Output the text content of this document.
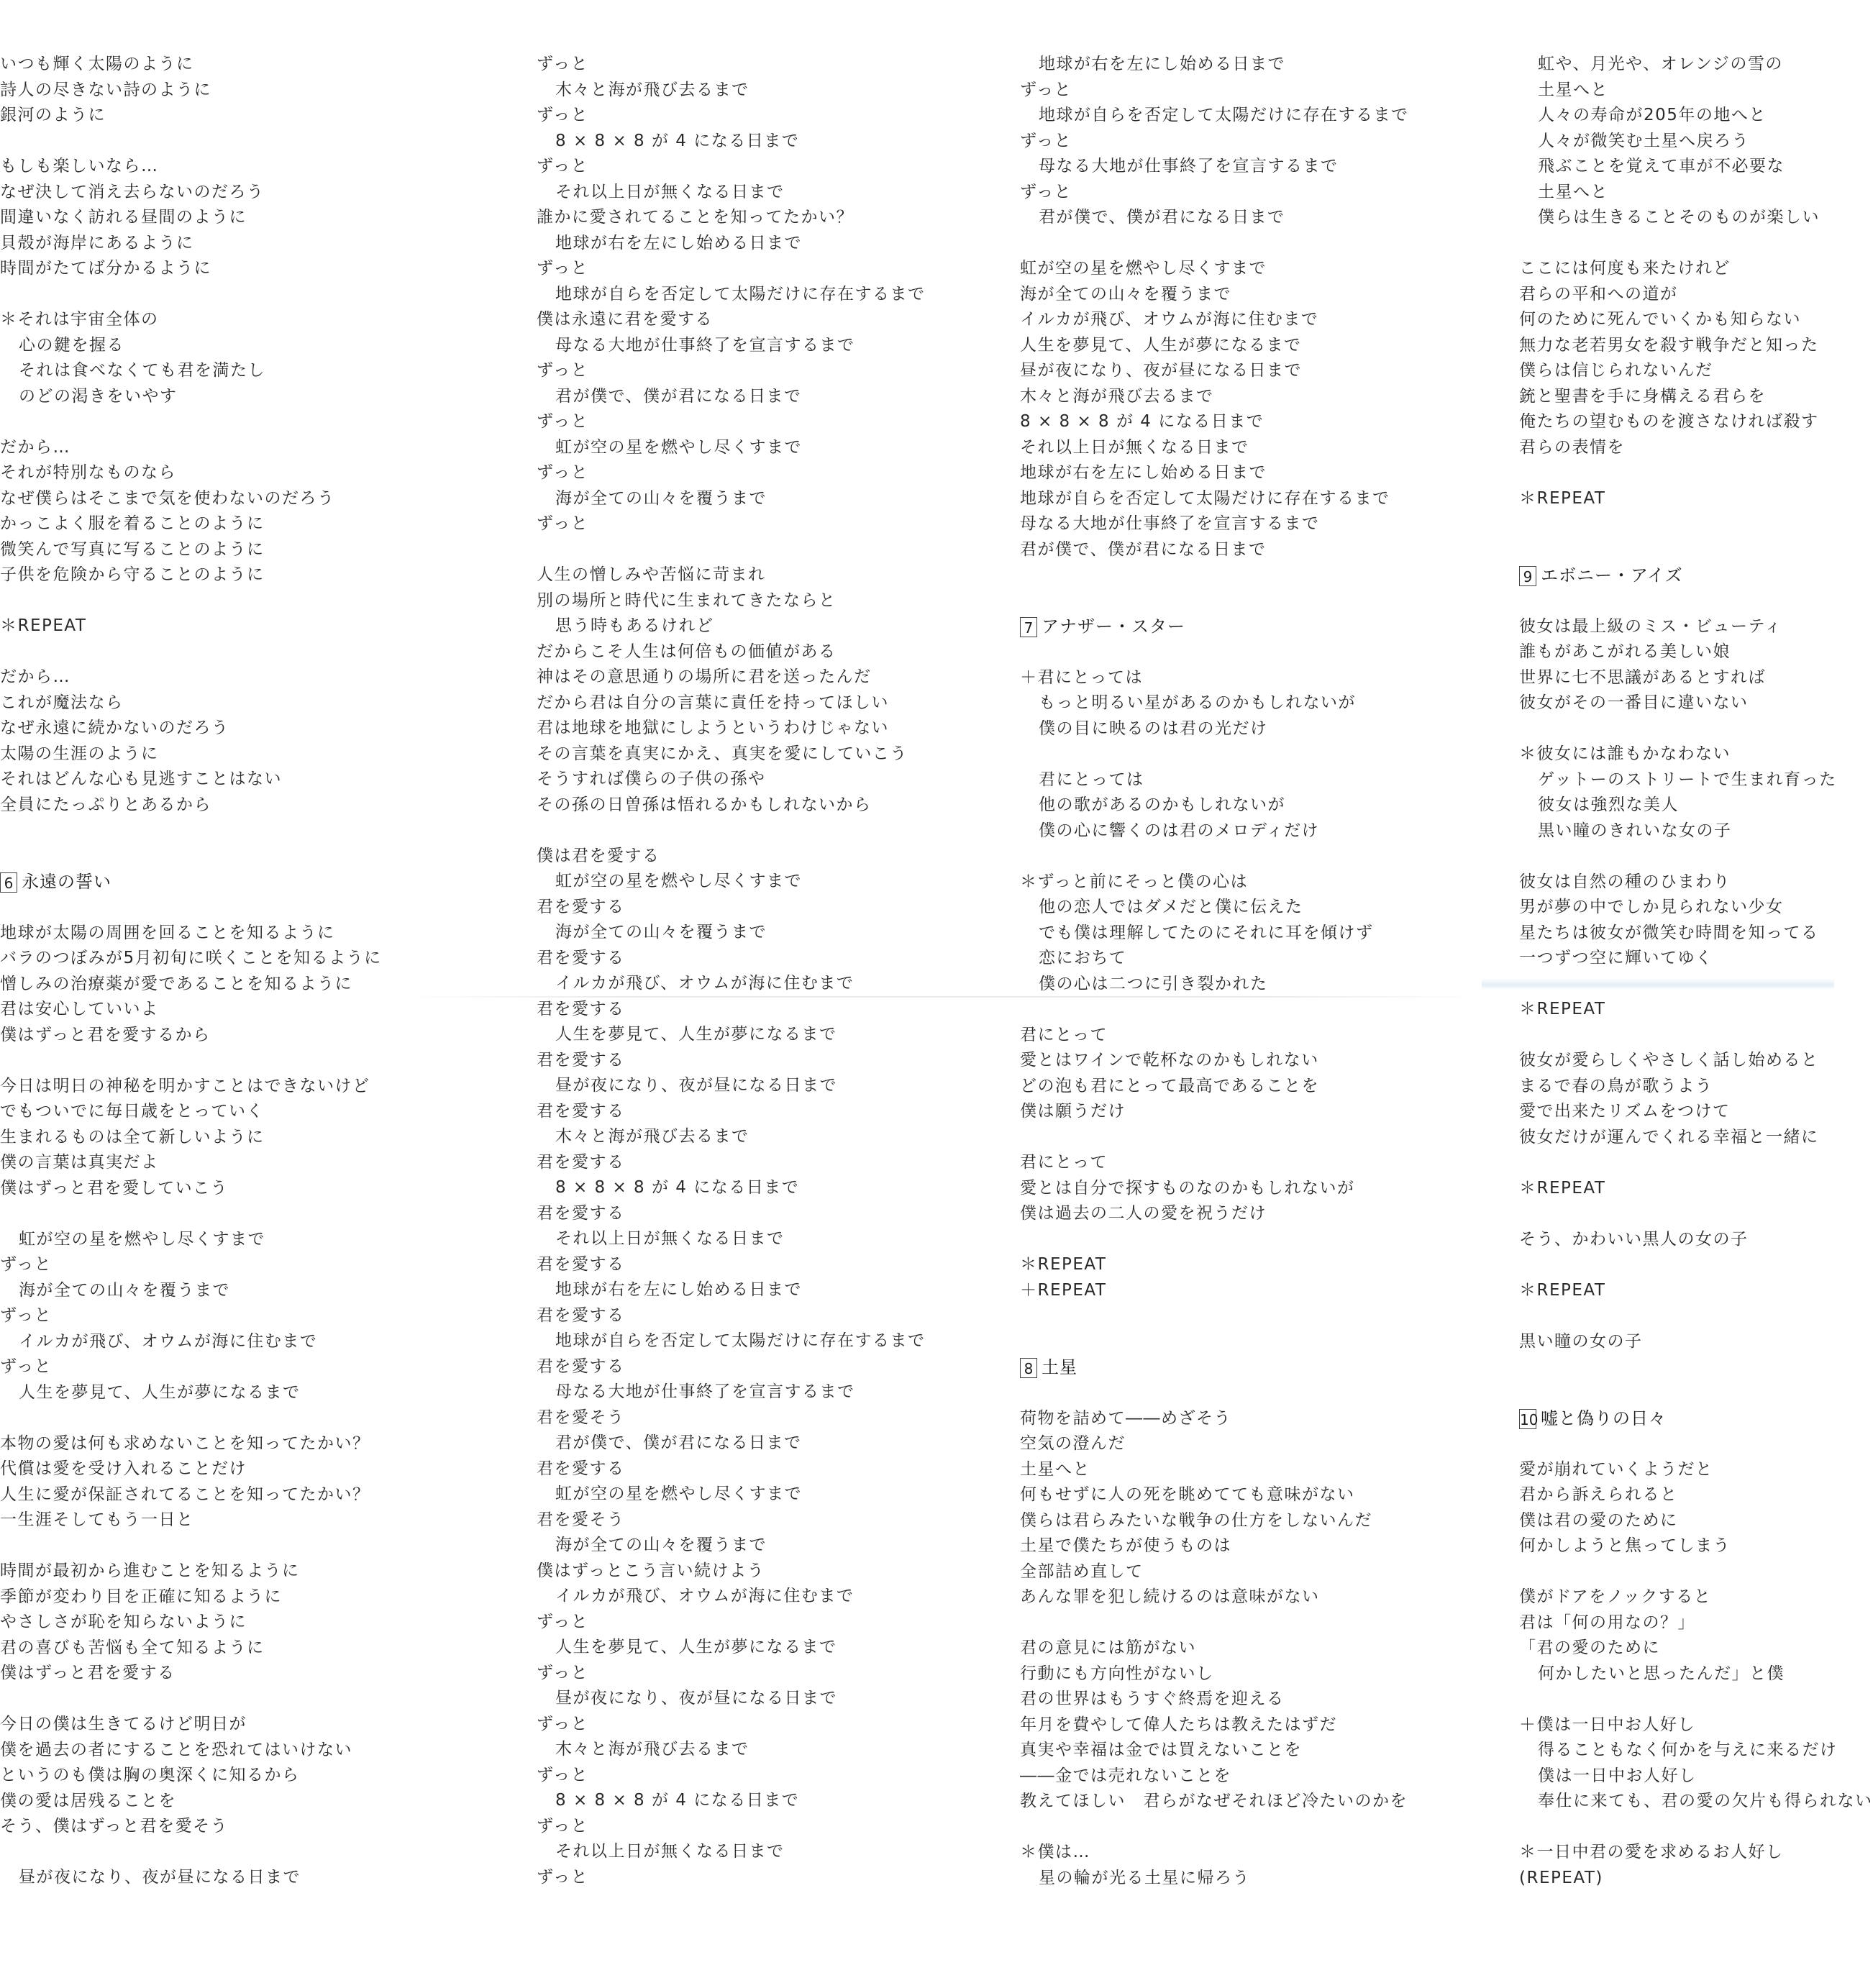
いつも輝く太陽のように
詩人の尽きない詩のように
銀河のように
もしも楽しいなら…
なぜ決して消え去らないのだろう
間違いなく訪れる昼間のように
貝殻が海岸にあるように
時間がたてば分かるように
＊それは宇宙全体の
心の鍵を握る
それは食べなくても君を満たし
のどの渇きをいやす
だから…
それが特別なものなら
なぜ僕らはそこまで気を使わないのだろう
かっこよく服を着ることのように
微笑んで写真に写ることのように
子供を危険から守ることのように
＊REPEAT
だから…
これが魔法なら
なぜ永遠に続かないのだろう
太陽の生涯のように
それはどんな心も見逃すことはない
全員にたっぷりとあるから
6 永遠の誓い
地球が太陽の周囲を回ることを知るように
バラのつぼみが5月初旬に咲くことを知るように
憎しみの治療薬が愛であることを知るように
君は安心していいよ
僕はずっと君を愛するから
今日は明日の神秘を明かすことはできないけど
でもついでに毎日歳をとっていく
生まれるものは全て新しいように
僕の言葉は真実だよ
僕はずっと君を愛していこう
虹が空の星を燃やし尽くすまで
ずっと
海が全ての山々を覆うまで
ずっと
イルカが飛び、オウムが海に住むまで
ずっと
人生を夢見て、人生が夢になるまで
本物の愛は何も求めないことを知ってたかい？
代償は愛を受け入れることだけ
人生に愛が保証されてることを知ってたかい？
一生涯そしてもう一日と
時間が最初から進むことを知るように
季節が変わり目を正確に知るように
やさしさが恥を知らないように
君の喜びも苦悩も全て知るように
僕はずっと君を愛する
今日の僕は生きてるけど明日が
僕を過去の者にすることを恐れてはいけない
というのも僕は胸の奥深くに知るから
僕の愛は居残ることを
そう、僕はずっと君を愛そう
昼が夜になり、夜が昼になる日まで
ずっと
木々と海が飛び去るまで
ずっと
8 × 8 × 8 が 4 になる日まで
ずっと
それ以上日が無くなる日まで
誰かに愛されてることを知ってたかい？
地球が右を左にし始める日まで
ずっと
地球が自らを否定して太陽だけに存在するまで
僕は永遠に君を愛する
母なる大地が仕事終了を宣言するまで
ずっと
君が僕で、僕が君になる日まで
ずっと
虹が空の星を燃やし尽くすまで
ずっと
海が全ての山々を覆うまで
ずっと
人生の憎しみや苦悩に苛まれ
別の場所と時代に生まれてきたならと
思う時もあるけれど
だからこそ人生は何倍もの価値がある
神はその意思通りの場所に君を送ったんだ
だから君は自分の言葉に責任を持ってほしい
君は地球を地獄にしようというわけじゃない
その言葉を真実にかえ、真実を愛にしていこう
そうすれば僕らの子供の孫や
その孫の日曽孫は悟れるかもしれないから
僕は君を愛する
虹が空の星を燃やし尽くすまで
君を愛する
海が全ての山々を覆うまで
君を愛する
イルカが飛び、オウムが海に住むまで
君を愛する
人生を夢見て、人生が夢になるまで
君を愛する
昼が夜になり、夜が昼になる日まで
君を愛する
木々と海が飛び去るまで
君を愛する
8 × 8 × 8 が 4 になる日まで
君を愛する
それ以上日が無くなる日まで
君を愛する
地球が右を左にし始める日まで
君を愛する
地球が自らを否定して太陽だけに存在するまで
君を愛する
母なる大地が仕事終了を宣言するまで
君を愛そう
君が僕で、僕が君になる日まで
君を愛する
虹が空の星を燃やし尽くすまで
君を愛そう
海が全ての山々を覆うまで
僕はずっとこう言い続けよう
イルカが飛び、オウムが海に住むまで
ずっと
人生を夢見て、人生が夢になるまで
ずっと
昼が夜になり、夜が昼になる日まで
ずっと
木々と海が飛び去るまで
ずっと
8 × 8 × 8 が 4 になる日まで
ずっと
それ以上日が無くなる日まで
ずっと
地球が右を左にし始める日まで
ずっと
地球が自らを否定して太陽だけに存在するまで
ずっと
母なる大地が仕事終了を宣言するまで
ずっと
君が僕で、僕が君になる日まで
虹が空の星を燃やし尽くすまで
海が全ての山々を覆うまで
イルカが飛び、オウムが海に住むまで
人生を夢見て、人生が夢になるまで
昼が夜になり、夜が昼になる日まで
木々と海が飛び去るまで
8 × 8 × 8 が 4 になる日まで
それ以上日が無くなる日まで
地球が右を左にし始める日まで
地球が自らを否定して太陽だけに存在するまで
母なる大地が仕事終了を宣言するまで
君が僕で、僕が君になる日まで
7 アナザー・スター
＋君にとっては
もっと明るい星があるのかもしれないが
僕の目に映るのは君の光だけ
君にとっては
他の歌があるのかもしれないが
僕の心に響くのは君のメロディだけ
＊ずっと前にそっと僕の心は
他の恋人ではダメだと僕に伝えた
でも僕は理解してたのにそれに耳を傾けず
恋におちて
僕の心は二つに引き裂かれた
君にとって
愛とはワインで乾杯なのかもしれない
どの泡も君にとって最高であることを
僕は願うだけ
君にとって
愛とは自分で探すものなのかもしれないが
僕は過去の二人の愛を祝うだけ
＊REPEAT
＋REPEAT
8 土星
荷物を詰めて――めざそう
空気の澄んだ
土星へと
何もせずに人の死を眺めてても意味がない
僕らは君らみたいな戦争の仕方をしないんだ
土星で僕たちが使うものは
全部詰め直して
あんな罪を犯し続けるのは意味がない
君の意見には筋がない
行動にも方向性がないし
君の世界はもうすぐ終焉を迎える
年月を費やして偉人たちは教えたはずだ
真実や幸福は金では買えないことを
――金では売れないことを
教えてほしい　君らがなぜそれほど冷たいのかを
＊僕は…
星の輪が光る土星に帰ろう
虹や、月光や、オレンジの雪の
土星へと
人々の寿命が205年の地へと
人々が微笑む土星へ戻ろう
飛ぶことを覚えて車が不必要な
土星へと
僕らは生きることそのものが楽しい
ここには何度も来たけれど
君らの平和への道が
何のために死んでいくかも知らない
無力な老若男女を殺す戦争だと知った
僕らは信じられないんだ
銃と聖書を手に身構える君らを
俺たちの望むものを渡さなければ殺す
君らの表情を
＊REPEAT
9 エボニー・アイズ
彼女は最上級のミス・ビューティ
誰もがあこがれる美しい娘
世界に七不思議があるとすれば
彼女がその一番目に違いない
＊彼女には誰もかなわない
ゲットーのストリートで生まれ育った
彼女は強烈な美人
黒い瞳のきれいな女の子
彼女は自然の種のひまわり
男が夢の中でしか見られない少女
星たちは彼女が微笑む時間を知ってる
一つずつ空に輝いてゆく
＊REPEAT
彼女が愛らしくやさしく話し始めると
まるで春の鳥が歌うよう
愛で出来たリズムをつけて
彼女だけが運んでくれる幸福と一緒に
＊REPEAT
そう、かわいい黒人の女の子
＊REPEAT
黒い瞳の女の子
10 嘘と偽りの日々
愛が崩れていくようだと
君から訴えられると
僕は君の愛のために
何かしようと焦ってしまう
僕がドアをノックすると
君は「何の用なの？」
「君の愛のために
何かしたいと思ったんだ」と僕
＋僕は一日中お人好し
得ることもなく何かを与えに来るだけ
僕は一日中お人好し
奉仕に来ても、君の愛の欠片も得られない
＊一日中君の愛を求めるお人好し
(REPEAT)
